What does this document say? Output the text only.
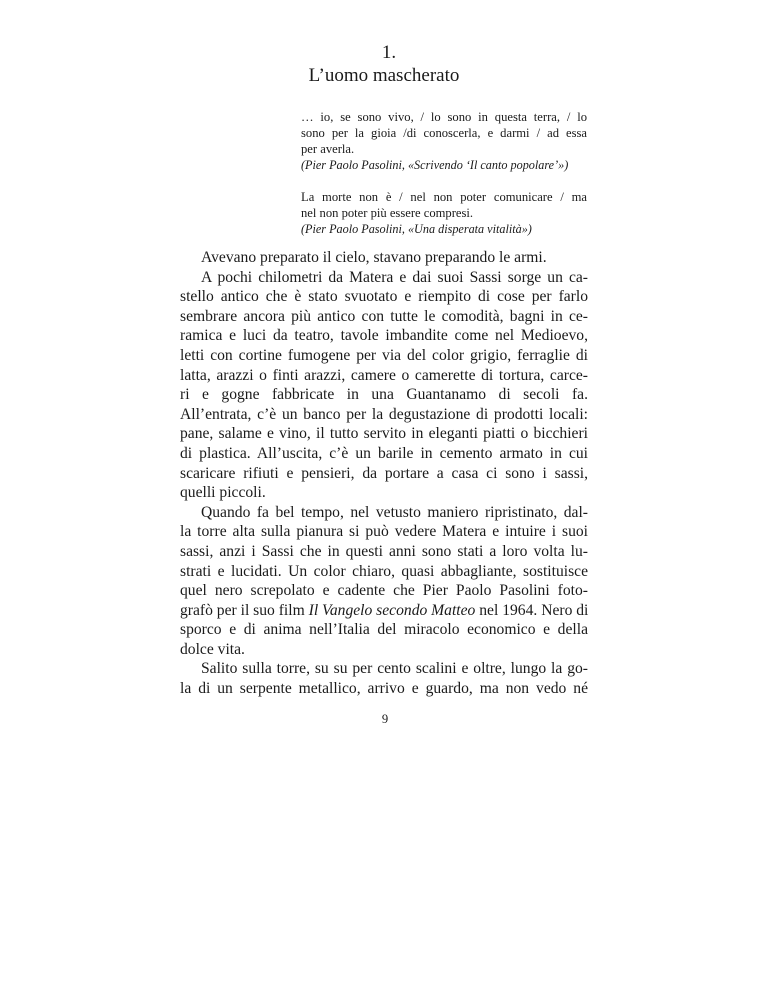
1.
L’uomo mascherato
… io, se sono vivo, / lo sono in questa terra, / lo
sono per la gioia /di conoscerla, e darmi / ad essa
per averla.
(Pier Paolo Pasolini, «Scrivendo ‘Il canto popolare’»)
La morte non è / nel non poter comunicare / ma
nel non poter più essere compresi.
(Pier Paolo Pasolini, «Una disperata vitalità»)
Avevano preparato il cielo, stavano preparando le armi.
A pochi chilometri da Matera e dai suoi Sassi sorge un ca-
stello antico che è stato svuotato e riempito di cose per farlo
sembrare ancora più antico con tutte le comodità, bagni in ce-
ramica e luci da teatro, tavole imbandite come nel Medioevo,
letti con cortine fumogene per via del color grigio, ferraglie di
latta, arazzi o finti arazzi, camere o camerette di tortura, carce-
ri e gogne fabbricate in una Guantanamo di secoli fa.
All’entrata, c’è un banco per la degustazione di prodotti locali:
pane, salame e vino, il tutto servito in eleganti piatti o bicchieri
di plastica. All’uscita, c’è un barile in cemento armato in cui
scaricare rifiuti e pensieri, da portare a casa ci sono i sassi,
quelli piccoli.
Quando fa bel tempo, nel vetusto maniero ripristinato, dal-
la torre alta sulla pianura si può vedere Matera e intuire i suoi
sassi, anzi i Sassi che in questi anni sono stati a loro volta lu-
strati e lucidati. Un color chiaro, quasi abbagliante, sostituisce
quel nero screpolato e cadente che Pier Paolo Pasolini foto-
grafò per il suo film Il Vangelo secondo Matteo nel 1964. Nero di
sporco e di anima nell’Italia del miracolo economico e della
dolce vita.
Salito sulla torre, su su per cento scalini e oltre, lungo la go-
la di un serpente metallico, arrivo e guardo, ma non vedo né
9
